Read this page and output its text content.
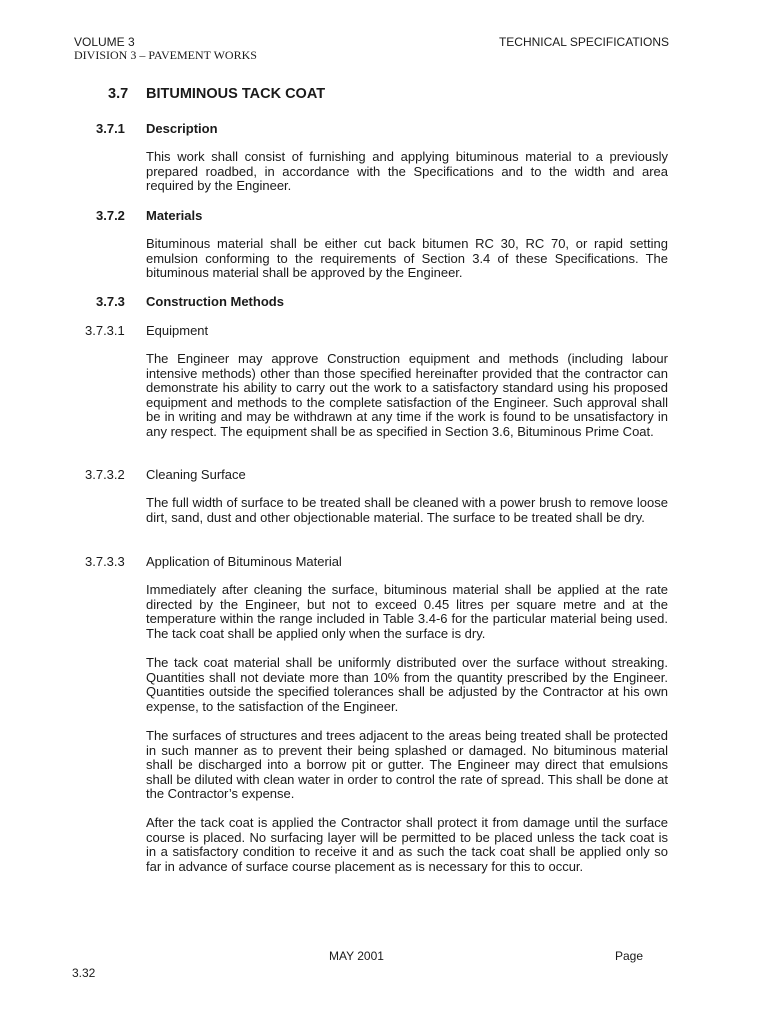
VOLUME 3
DIVISION 3 – PAVEMENT WORKS
TECHNICAL SPECIFICATIONS
3.7 BITUMINOUS TACK COAT
3.7.1 Description
This work shall consist of furnishing and applying bituminous material to a previously prepared roadbed, in accordance with the Specifications and to the width and area required by the Engineer.
3.7.2 Materials
Bituminous material shall be either cut back bitumen RC 30, RC 70, or rapid setting emulsion conforming to the requirements of Section 3.4 of these Specifications. The bituminous material shall be approved by the Engineer.
3.7.3 Construction Methods
3.7.3.1 Equipment
The Engineer may approve Construction equipment and methods (including labour intensive methods) other than those specified hereinafter provided that the contractor can demonstrate his ability to carry out the work to a satisfactory standard using his proposed equipment and methods to the complete satisfaction of the Engineer. Such approval shall be in writing and may be withdrawn at any time if the work is found to be unsatisfactory in any respect. The equipment shall be as specified in Section 3.6, Bituminous Prime Coat.
3.7.3.2 Cleaning Surface
The full width of surface to be treated shall be cleaned with a power brush to remove loose dirt, sand, dust and other objectionable material. The surface to be treated shall be dry.
3.7.3.3 Application of Bituminous Material
Immediately after cleaning the surface, bituminous material shall be applied at the rate directed by the Engineer, but not to exceed 0.45 litres per square metre and at the temperature within the range included in Table 3.4-6 for the particular material being used. The tack coat shall be applied only when the surface is dry.
The tack coat material shall be uniformly distributed over the surface without streaking. Quantities shall not deviate more than 10% from the quantity prescribed by the Engineer. Quantities outside the specified tolerances shall be adjusted by the Contractor at his own expense, to the satisfaction of the Engineer.
The surfaces of structures and trees adjacent to the areas being treated shall be protected in such manner as to prevent their being splashed or damaged. No bituminous material shall be discharged into a borrow pit or gutter. The Engineer may direct that emulsions shall be diluted with clean water in order to control the rate of spread. This shall be done at the Contractor’s expense.
After the tack coat is applied the Contractor shall protect it from damage until the surface course is placed. No surfacing layer will be permitted to be placed unless the tack coat is in a satisfactory condition to receive it and as such the tack coat shall be applied only so far in advance of surface course placement as is necessary for this to occur.
MAY 2001	Page
3.32
